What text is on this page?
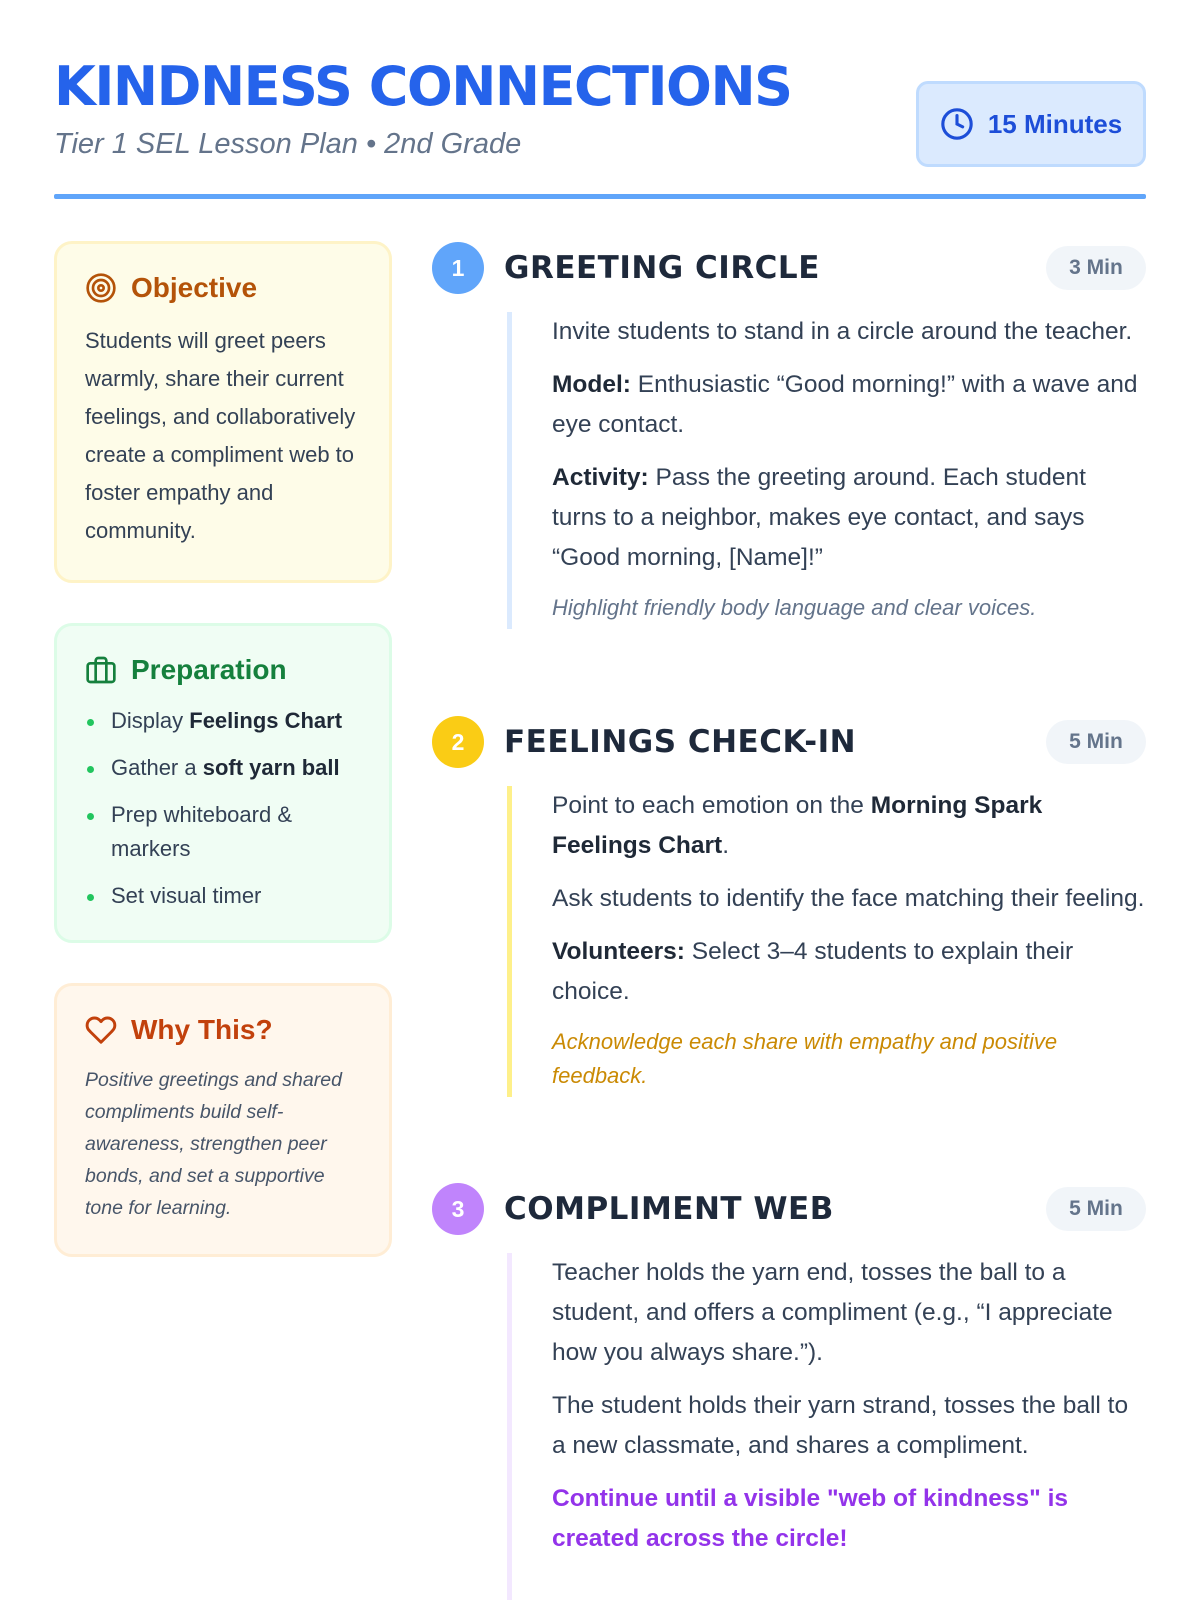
KINDNESS CONNECTIONS
Tier 1 SEL Lesson Plan • 2nd Grade
15 Minutes
Objective
Students will greet peers warmly, share their current feelings, and collaboratively create a compliment web to foster empathy and community.
Preparation
Display Feelings Chart
Gather a soft yarn ball
Prep whiteboard & markers
Set visual timer
Why This?
Positive greetings and shared compliments build self-awareness, strengthen peer bonds, and set a supportive tone for learning.
1	GREETING CIRCLE	3 Min

Invite students to stand in a circle around the teacher.

Model: Enthusiastic “Good morning!” with a wave and eye contact.

Activity: Pass the greeting around. Each student turns to a neighbor, makes eye contact, and says “Good morning, [Name]!”

Highlight friendly body language and clear voices.

2	FEELINGS CHECK-IN	5 Min

Point to each emotion on the Morning Spark Feelings Chart.

Ask students to identify the face matching their feeling.

Volunteers: Select 3–4 students to explain their choice.

Acknowledge each share with empathy and positive feedback.

3	COMPLIMENT WEB	5 Min

Teacher holds the yarn end, tosses the ball to a student, and offers a compliment (e.g., “I appreciate how you always share.”).

The student holds their yarn strand, tosses the ball to a new classmate, and shares a compliment.

Continue until a visible "web of kindness" is created across the circle!
